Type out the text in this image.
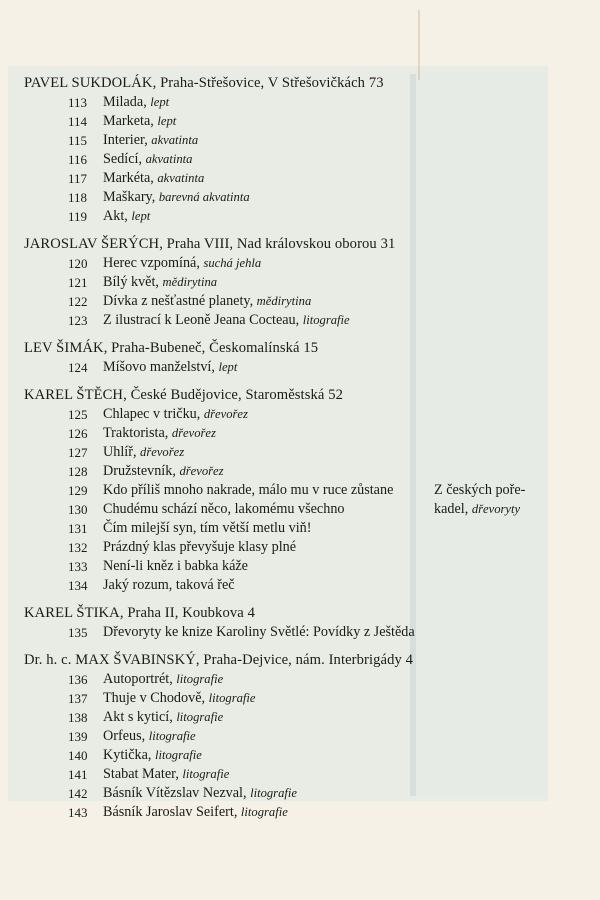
PAVEL SUKDOLÁK, Praha-Střešovice, V Střešovičkách 73
113	Milada, lept
114	Marketa, lept
115	Interier, akvatinta
116	Sedící, akvatinta
117	Markéta, akvatinta
118	Maškary, barevná akvatinta
119	Akt, lept
JAROSLAV ŠERÝCH, Praha VIII, Nad královskou oborou 31
120	Herec vzpomíná, suchá jehla
121	Bílý květ, mědirytina
122	Dívka z nešťastné planety, mědirytina
123	Z ilustrací k Leoně Jeana Cocteau, litografie
LEV ŠIMÁK, Praha-Bubeneč, Českomalínská 15
124	Míšovo manželství, lept
KAREL ŠTĚCH, České Budějovice, Staroměstská 52
125	Chlapec v tričku, dřevořez
126	Traktorista, dřevořez
127	Uhlíř, dřevořez
128	Družstevník, dřevořez
129	Kdo příliš mnoho nakrade, málo mu v ruce zůstane	Z českých poře-
130	Chudému schází něco, lakomému všechno	kadel, dřevoryty
131	Čím milejší syn, tím větší metlu viň!
132	Prázdný klas převyšuje klasy plné
133	Není-li kněz i babka káže
134	Jaký rozum, taková řeč
KAREL ŠTIKA, Praha II, Koubkova 4
135	Dřevoryty ke knize Karoliny Světlé: Povídky z Ještěda
Dr. h. c. MAX ŠVABINSKÝ, Praha-Dejvice, nám. Interbrigády 4
136	Autoportrét, litografie
137	Thuje v Chodově, litografie
138	Akt s kyticí, litografie
139	Orfeus, litografie
140	Kytička, litografie
141	Stabat Mater, litografie
142	Básník Vítězslav Nezval, litografie
143	Básník Jaroslav Seifert, litografie
